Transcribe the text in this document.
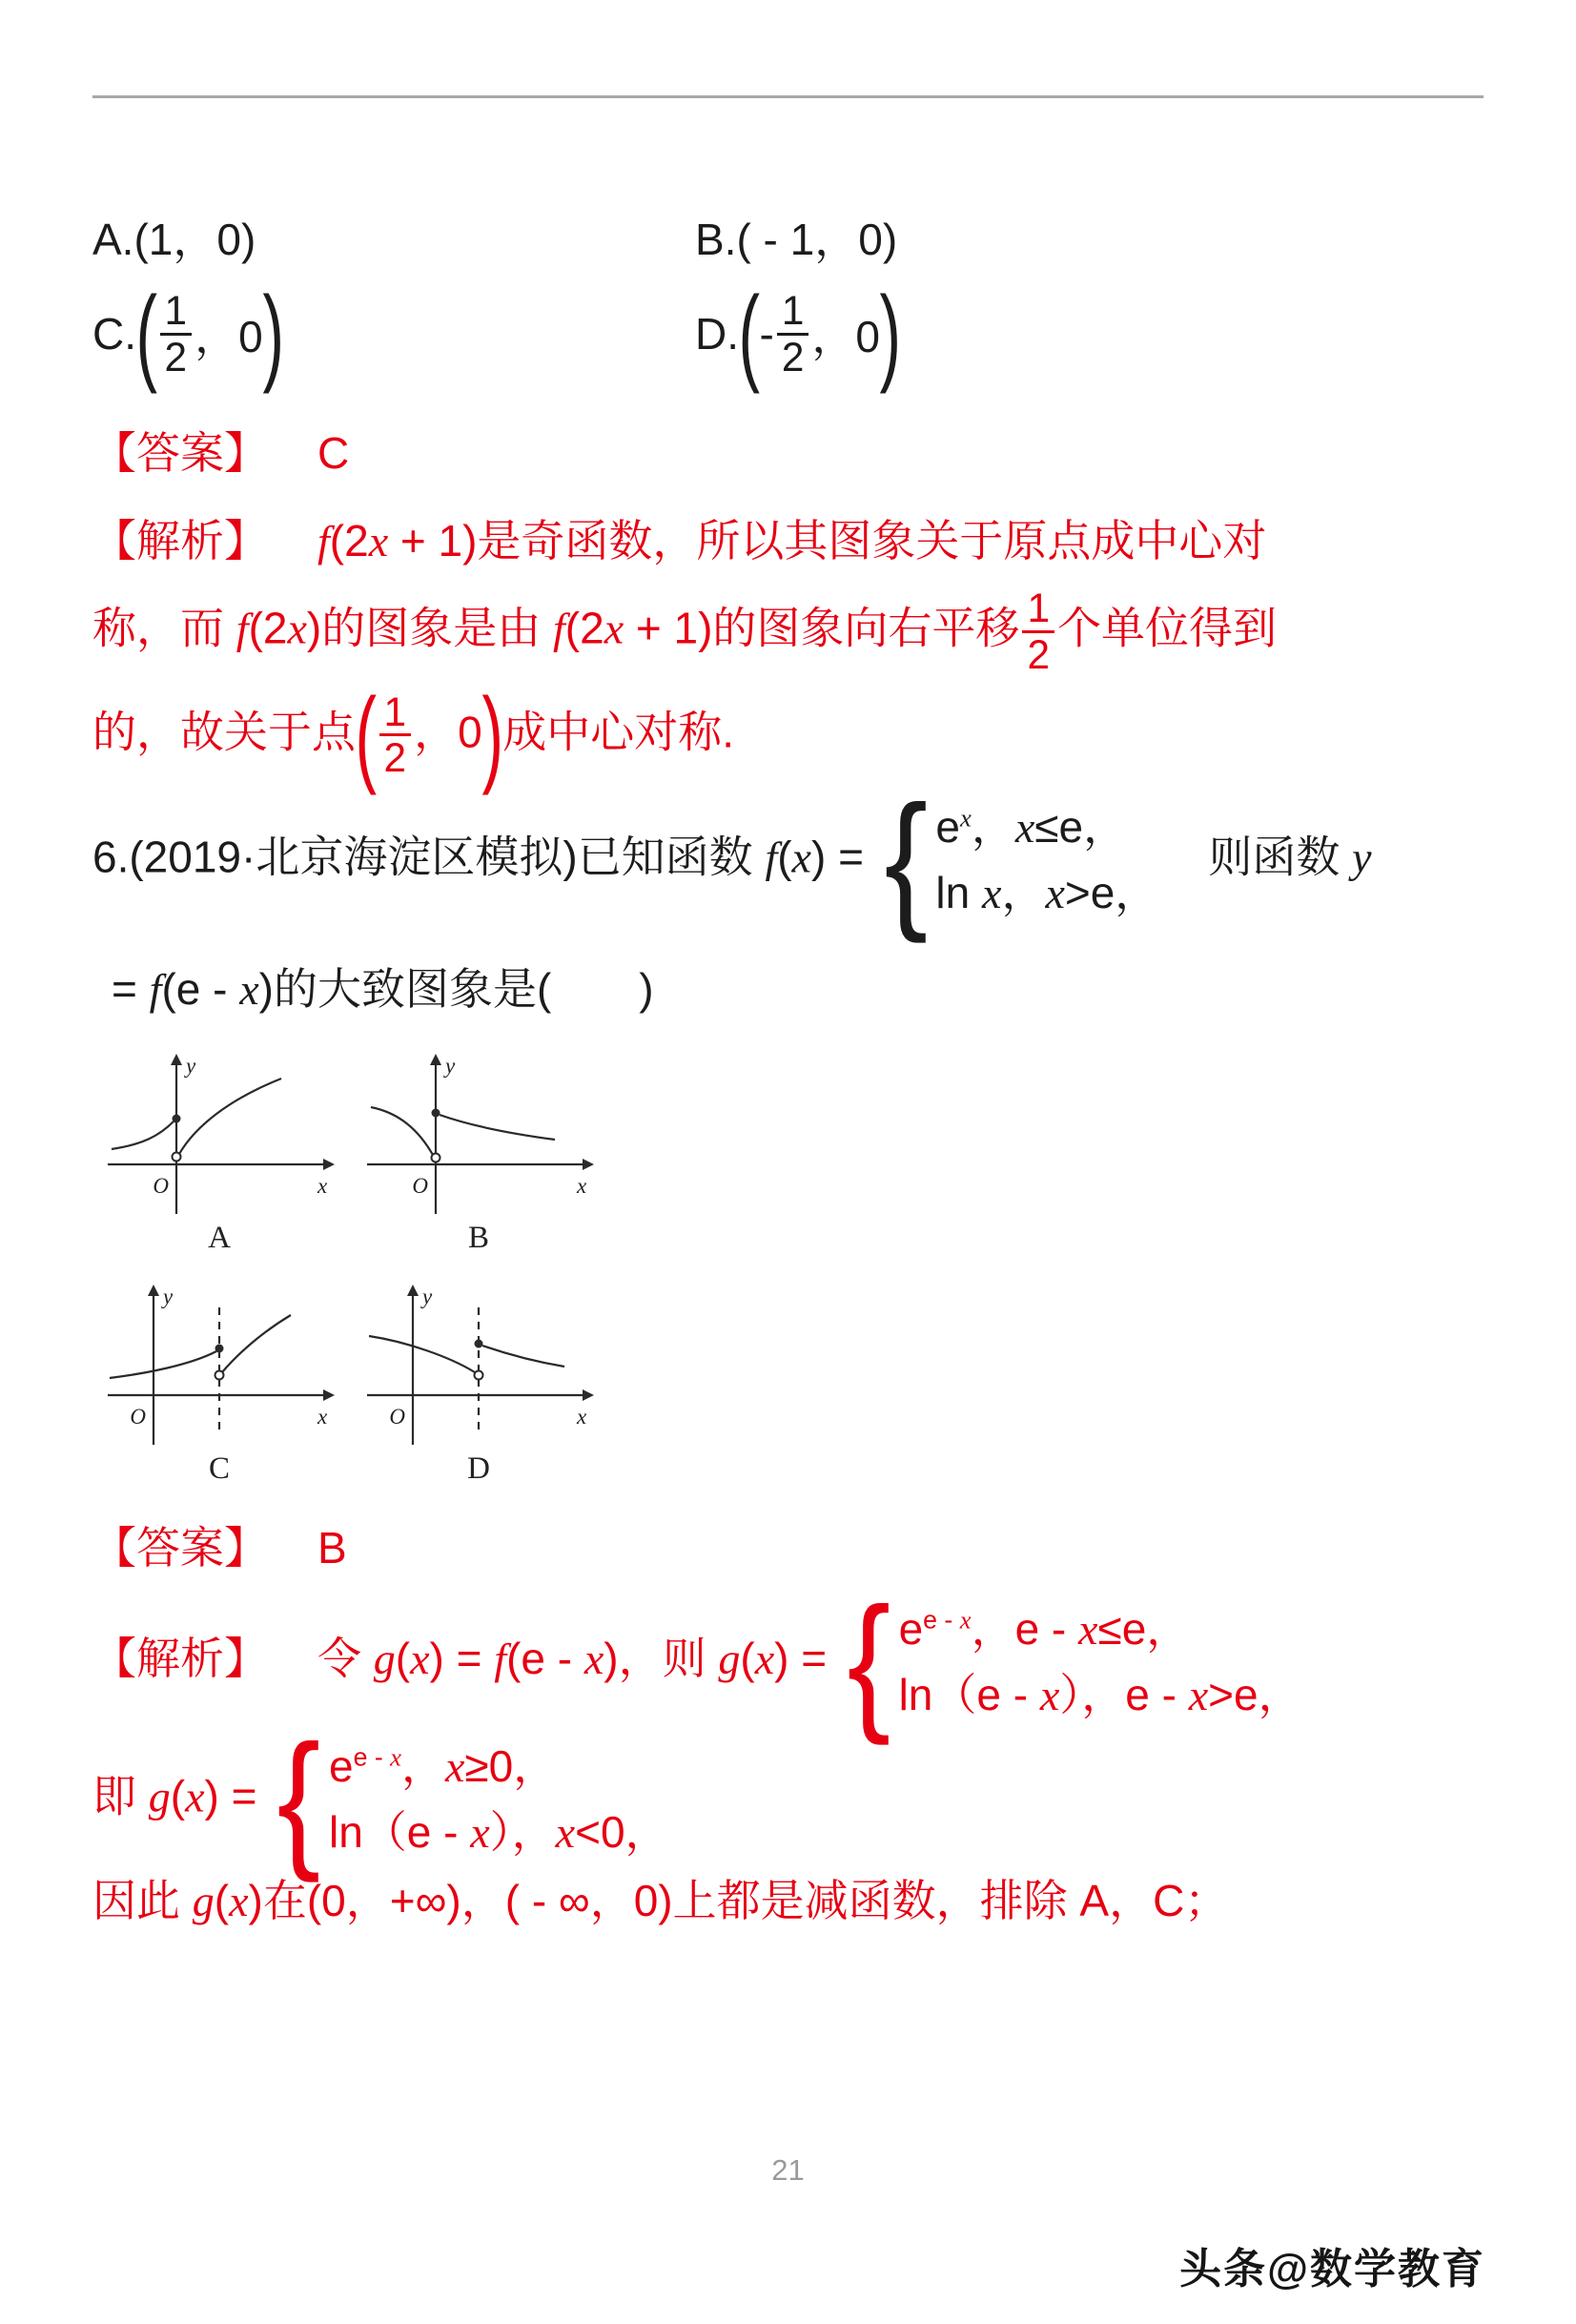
A.(1，0)	B.( - 1，0)
C. ( $\frac{1}{2}$ ，0 )	D. ( - $\frac{1}{2}$ ，0 )
【答案】 C
【解析】 f(2x + 1)是奇函数，所以其图象关于原点成中心对
称，而 f(2x)的图象是由 f(2x + 1)的图象向右平移 $\frac{1}{2}$ 个单位得到
的，故关于点( $\frac{1}{2}$ ，0)成中心对称.
6.(2019·北京海淀区模拟)已知函数 f(x) = { $e^x$，x≤e，
ln x，x>e，
　则函数 y
= f(e - x)的大致图象是(　　)
y
x
O
A
y
x
O
B
y
x
O
C
y
x
O
D
【答案】 B
【解析】 令 g(x) = f(e - x)，则 g(x) = { $e^{e - x}$，e - x≤e，
ln（e - x），e - x>e，
即 g(x) = { $e^{e - x}$，x≥0，
ln（e - x），x<0，
因此 g(x)在(0，+∞)，( - ∞，0)上都是减函数，排除 A，C；
21
头条@数学教育
